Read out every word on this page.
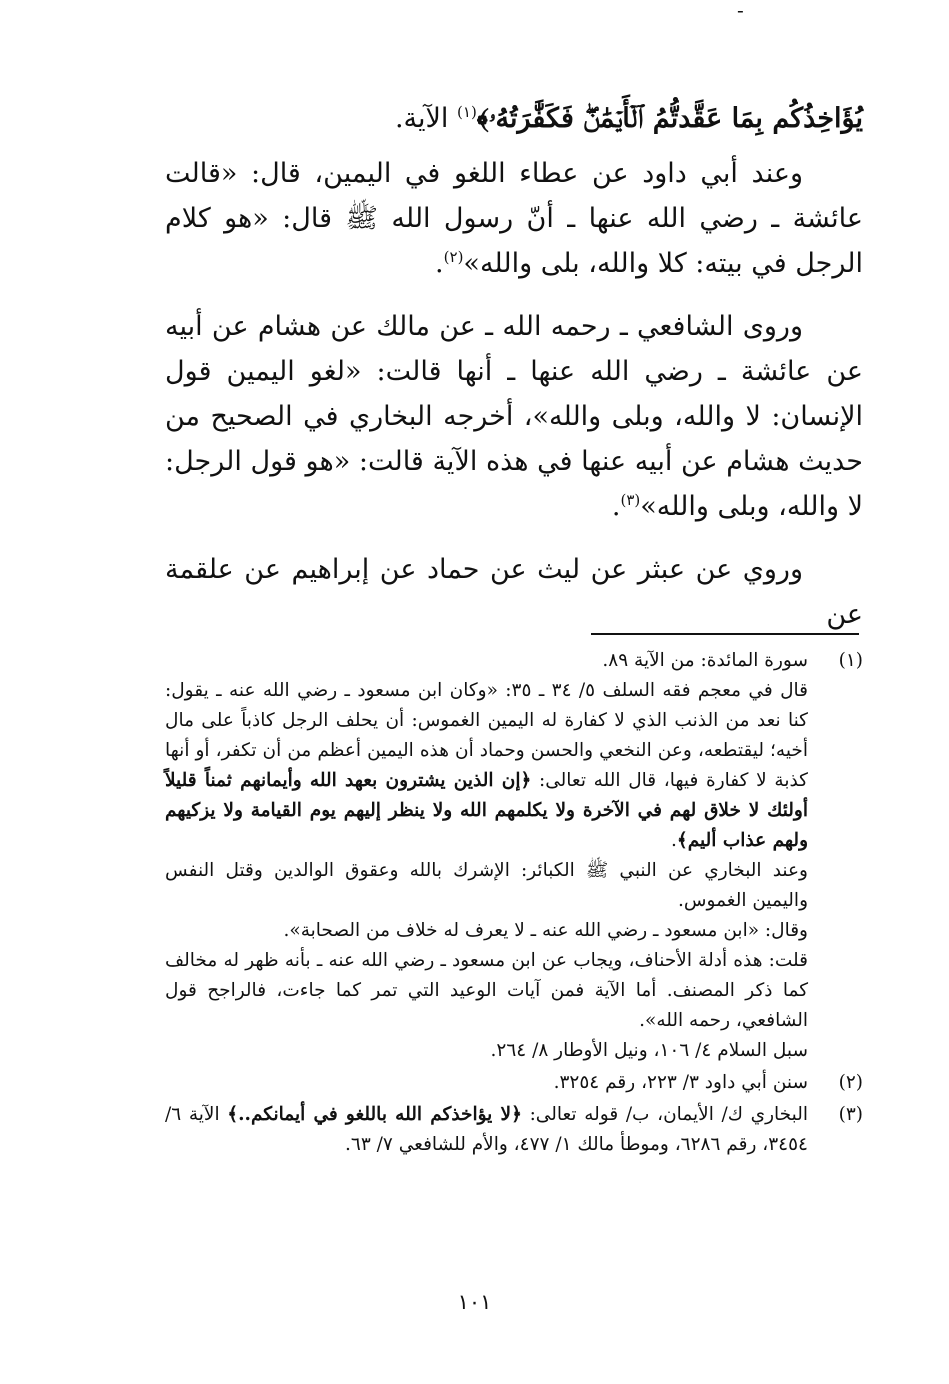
-

يُؤَاخِذُكُم بِمَا عَقَّدتُّمُ ٱلۡأَيۡمَٰنَۖ فَكَفَّٰرَتُهُۥ﴾$^{(١)}$ الآية.

وعند أبي داود عن عطاء اللغو في اليمين، قال: «قالت عائشة ـ رضي الله عنها ـ أنّ رسول الله ﷺ قال: «هو كلام الرجل في بيته: كلا والله، بلى والله»$^{(٢)}$.

وروى الشافعي ـ رحمه الله ـ عن مالك عن هشام عن أبيه عن عائشة ـ رضي الله عنها ـ أنها قالت: «لغو اليمين قول الإنسان: لا والله، وبلى والله»، أخرجه البخاري في الصحيح من حديث هشام عن أبيه عنها في هذه الآية قالت: «هو قول الرجل: لا والله، وبلى والله»$^{(٣)}$.

وروي عن عبثر عن ليث عن حماد عن إبراهيم عن علقمة عن

(١)

سورة المائدة: من الآية ٨٩.

قال في معجم فقه السلف ٥/ ٣٤ ـ ٣٥: «وكان ابن مسعود ـ رضي الله عنه ـ يقول: كنا نعد من الذنب الذي لا كفارة له اليمين الغموس: أن يحلف الرجل كاذباً على مال أخيه؛ ليقتطعه، وعن النخعي والحسن وحماد أن هذه اليمين أعظم من أن تكفر، أو أنها كذبة لا كفارة فيها، قال الله تعالى: ﴿إن الذين يشترون بعهد الله وأيمانهم ثمناً قليلاً أولئك لا خلاق لهم في الآخرة ولا يكلمهم الله ولا ينظر إليهم يوم القيامة ولا يزكيهم ولهم عذاب أليم﴾.

وعند البخاري عن النبي ﷺ الكبائر: الإشرك بالله وعقوق الوالدين وقتل النفس واليمين الغموس.

وقال: «ابن مسعود ـ رضي الله عنه ـ لا يعرف له خلاف من الصحابة».

قلت: هذه أدلة الأحناف، ويجاب عن ابن مسعود ـ رضي الله عنه ـ بأنه ظهر له مخالف كما ذكر المصنف. أما الآية فمن آيات الوعيد التي تمر كما جاءت، فالراجح قول الشافعي، رحمه الله».

سبل السلام ٤/ ١٠٦، ونيل الأوطار ٨/ ٢٦٤.

(٢)

سنن أبي داود ٣/ ٢٢٣، رقم ٣٢٥٤.

(٣)

البخاري ك/ الأيمان، ب/ قوله تعالى: ﴿لا يؤاخذكم الله باللغو في أيمانكم..﴾ الآية ٦/ ٣٤٥٤، رقم ٦٢٨٦، وموطأ مالك ١/ ٤٧٧، والأم للشافعي ٧/ ٦٣.

١٠١
